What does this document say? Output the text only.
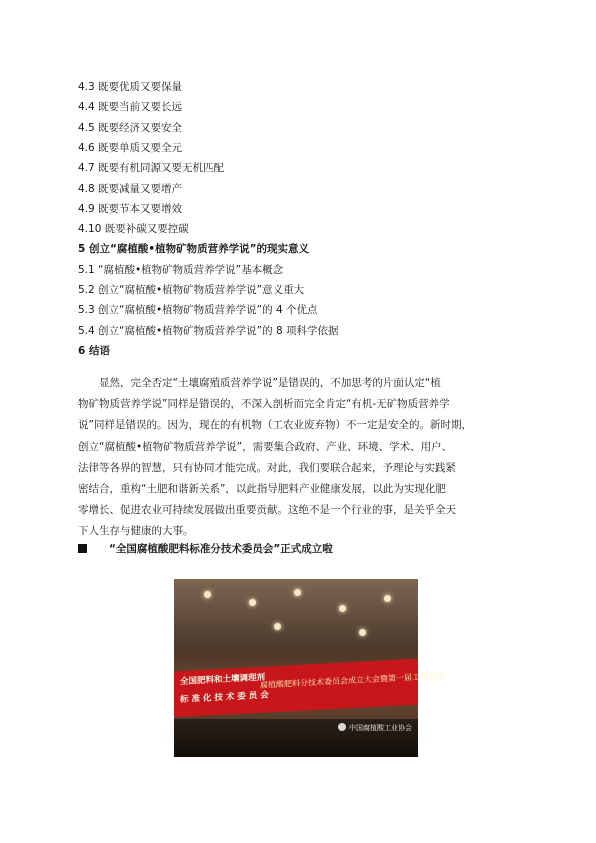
4.3 既要优质又要保量
4.4 既要当前又要长远
4.5 既要经济又要安全
4.6 既要单质又要全元
4.7 既要有机同源又要无机匹配
4.8 既要减量又要增产
4.9 既要节本又要增效
4.10 既要补碳又要控碳
5 创立“腐植酸•植物矿物质营养学说”的现实意义
5.1 “腐植酸•植物矿物质营养学说”基本概念
5.2 创立“腐植酸•植物矿物质营养学说”意义重大
5.3 创立“腐植酸•植物矿物质营养学说”的 4 个优点
5.4 创立“腐植酸•植物矿物质营养学说”的 8 项科学依据
6 结语
　　显然，完全否定“土壤腐殖质营养学说”是错误的，不加思考的片面认定“植
物矿物质营养学说”同样是错误的，不深入剖析而完全肯定“有机-无矿物质营养学
说”同样是错误的。因为，现在的有机物（工农业废弃物）不一定是安全的。新时期，
创立“腐植酸•植物矿物质营养学说”，需要集合政府、产业、环境、学术、用户、
法律等各界的智慧，只有协同才能完成。对此，我们要联合起来，予理论与实践紧
密结合，重构“土肥和谐新关系”，以此指导肥料产业健康发展，以此为实现化肥
零增长、促进农业可持续发展做出重要贡献。这绝不是一个行业的事，是关乎全天
下人生存与健康的大事。
“全国腐植酸肥料标准分技术委员会”正式成立啦
全国肥料和土壤调理剂
标 准 化 技 术 委 员 会
腐植酸肥料分技术委员会成立大会暨第一届工作会议
中国腐植酸工业协会
